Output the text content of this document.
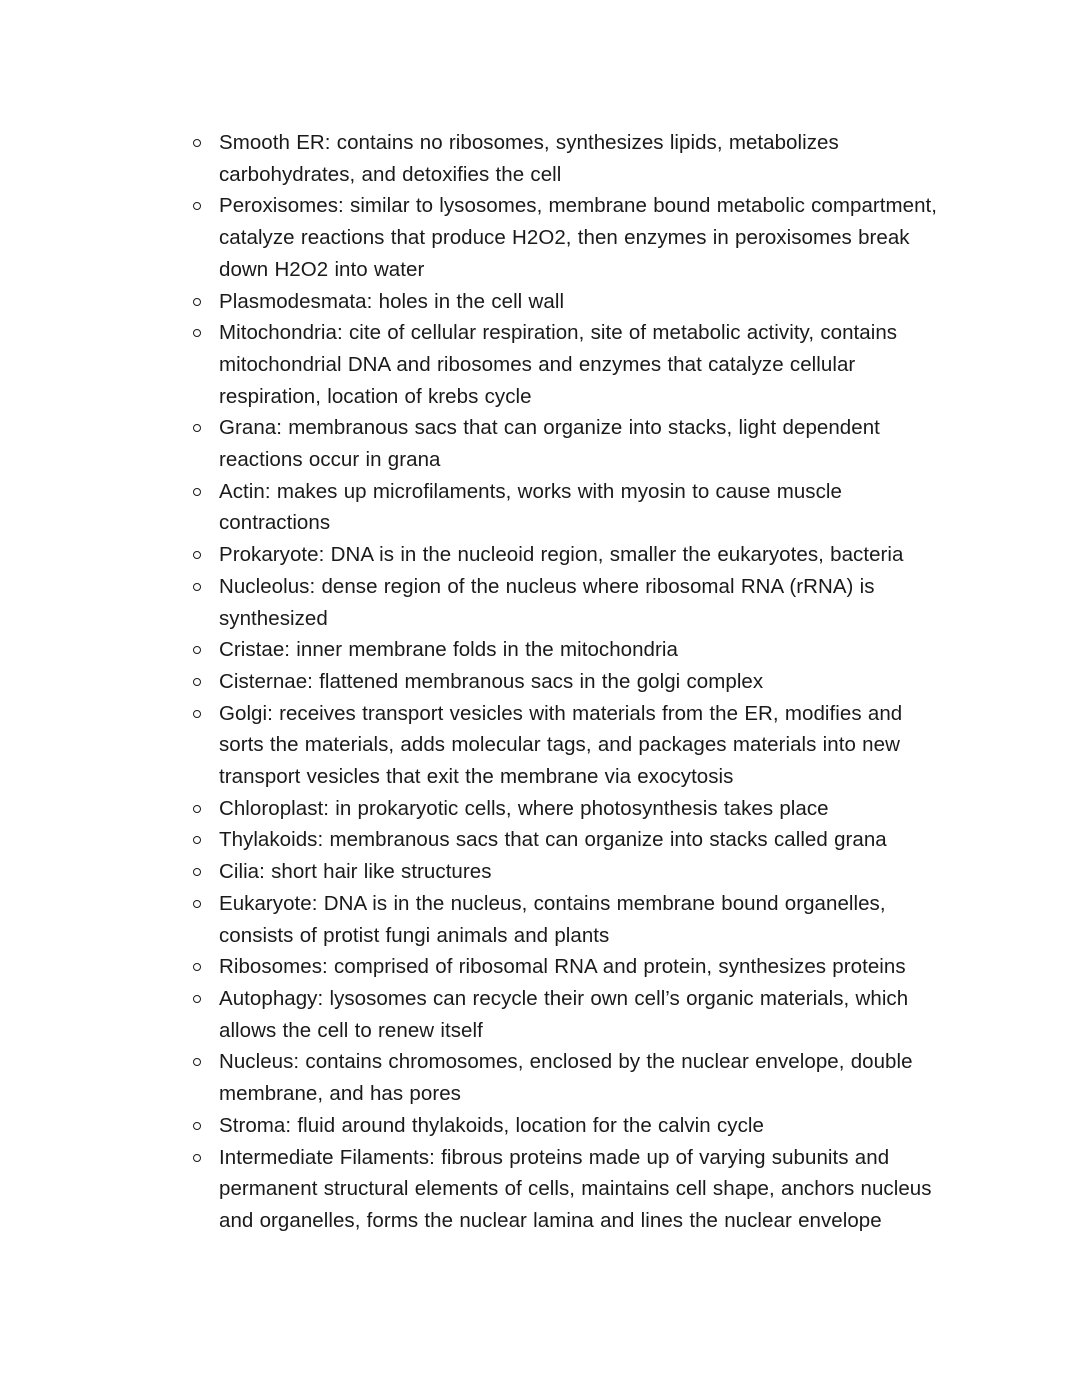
Smooth ER: contains no ribosomes, synthesizes lipids, metabolizes carbohydrates, and detoxifies the cell
Peroxisomes: similar to lysosomes, membrane bound metabolic compartment, catalyze reactions that produce H2O2, then enzymes in peroxisomes break down H2O2 into water
Plasmodesmata: holes in the cell wall
Mitochondria: cite of cellular respiration, site of metabolic activity, contains mitochondrial DNA and ribosomes and enzymes that catalyze cellular respiration, location of krebs cycle
Grana: membranous sacs that can organize into stacks, light dependent reactions occur in grana
Actin: makes up microfilaments, works with myosin to cause muscle contractions
Prokaryote: DNA is in the nucleoid region, smaller the eukaryotes, bacteria
Nucleolus: dense region of the nucleus where ribosomal RNA (rRNA) is synthesized
Cristae: inner membrane folds in the mitochondria
Cisternae: flattened membranous sacs in the golgi complex
Golgi: receives transport vesicles with materials from the ER, modifies and sorts the materials, adds molecular tags, and packages materials into new transport vesicles that exit the membrane via exocytosis
Chloroplast: in prokaryotic cells, where photosynthesis takes place
Thylakoids: membranous sacs that can organize into stacks called grana
Cilia: short hair like structures
Eukaryote: DNA is in the nucleus, contains membrane bound organelles, consists of protist fungi animals and plants
Ribosomes: comprised of ribosomal RNA and protein, synthesizes proteins
Autophagy: lysosomes can recycle their own cell’s organic materials, which allows the cell to renew itself
Nucleus: contains chromosomes, enclosed by the nuclear envelope, double membrane, and has pores
Stroma: fluid around thylakoids, location for the calvin cycle
Intermediate Filaments: fibrous proteins made up of varying subunits and permanent structural elements of cells, maintains cell shape, anchors nucleus and organelles, forms the nuclear lamina and lines the nuclear envelope
